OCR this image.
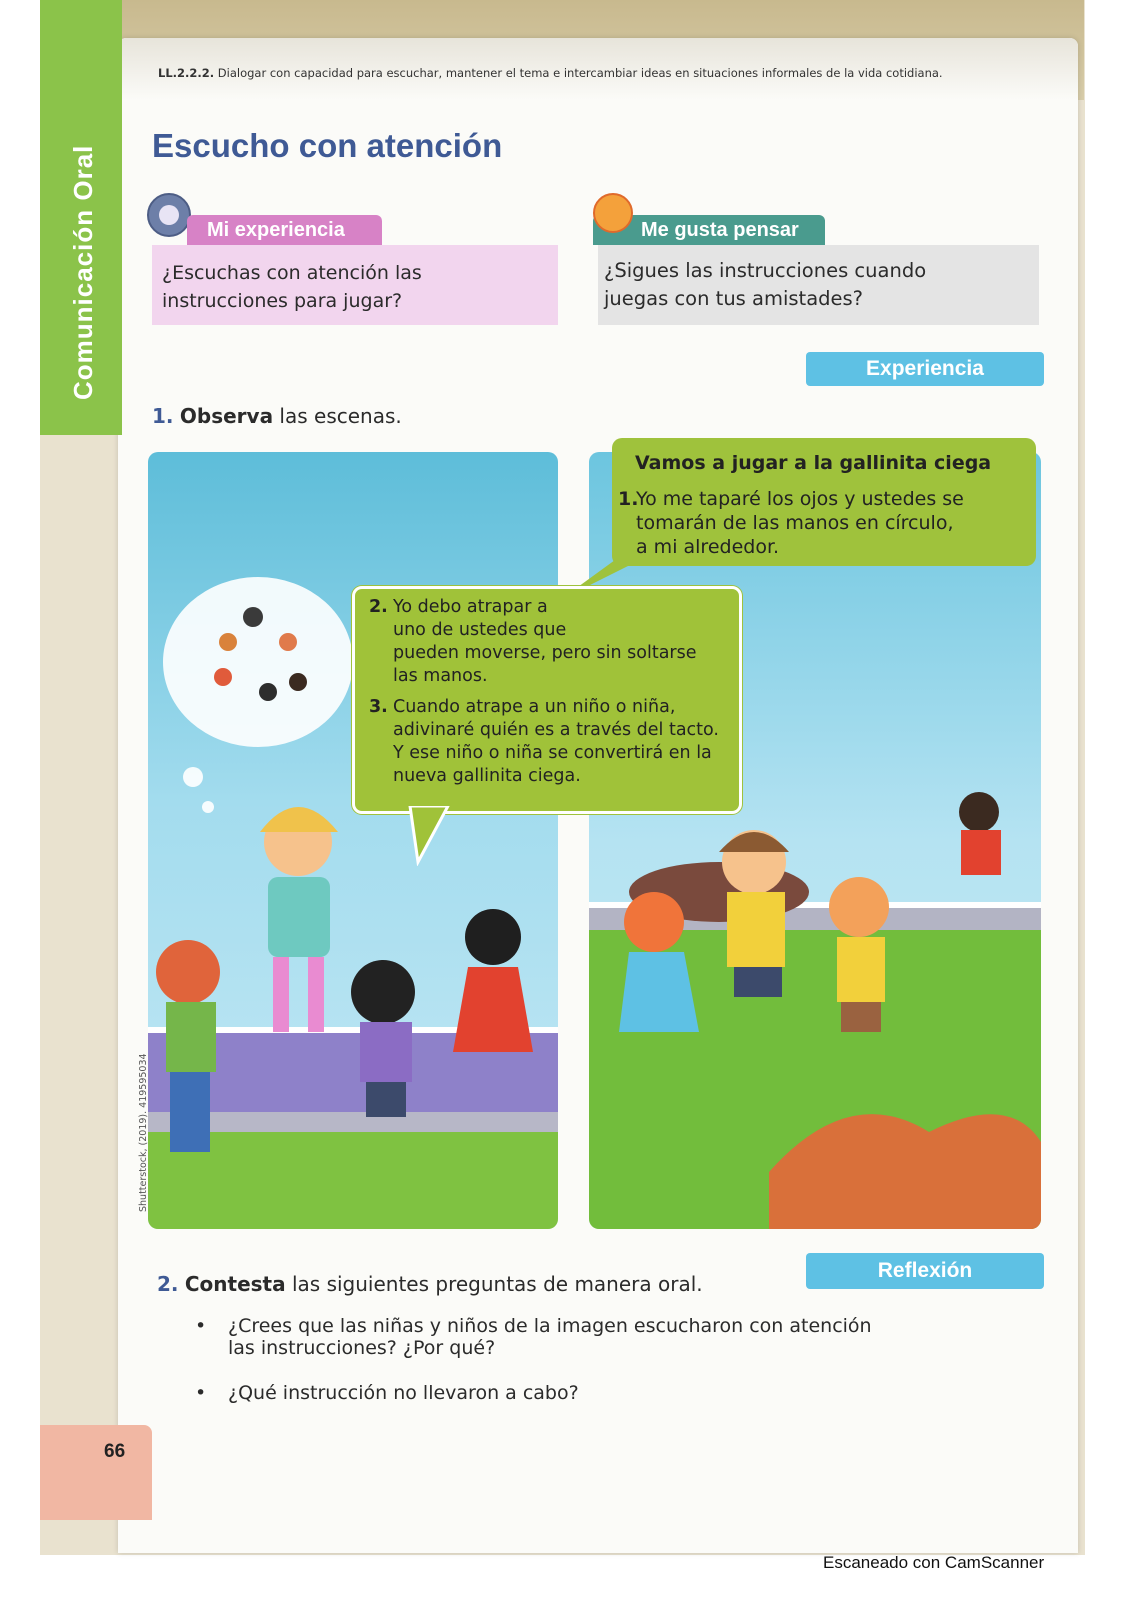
Comunicación Oral
LL.2.2.2. Dialogar con capacidad para escuchar, mantener el tema e intercambiar ideas en situaciones informales de la vida cotidiana.
Escucho con atención
Mi experiencia
¿Escuchas con atención las
instrucciones para jugar?
Me gusta pensar
¿Sigues las instrucciones cuando
juegas con tus amistades?
Experiencia
1. Observa las escenas.
Vamos a jugar a la gallinita ciega
1.
Yo me taparé los ojos y ustedes se
tomarán de las manos en círculo,
a mi alrededor.
2. Yo debo atrapar a
uno de ustedes que
pueden moverse, pero sin soltarse
las manos.
3. Cuando atrape a un niño o niña,
adivinaré quién es a través del tacto.
Y ese niño o niña se convertirá en la
nueva gallinita ciega.
Shutterstock, (2019). 419595034
Reflexión
2. Contesta las siguientes preguntas de manera oral.
• ¿Crees que las niñas y niños de la imagen escucharon con atención
las instrucciones? ¿Por qué?
• ¿Qué instrucción no llevaron a cabo?
66
Escaneado con CamScanner
